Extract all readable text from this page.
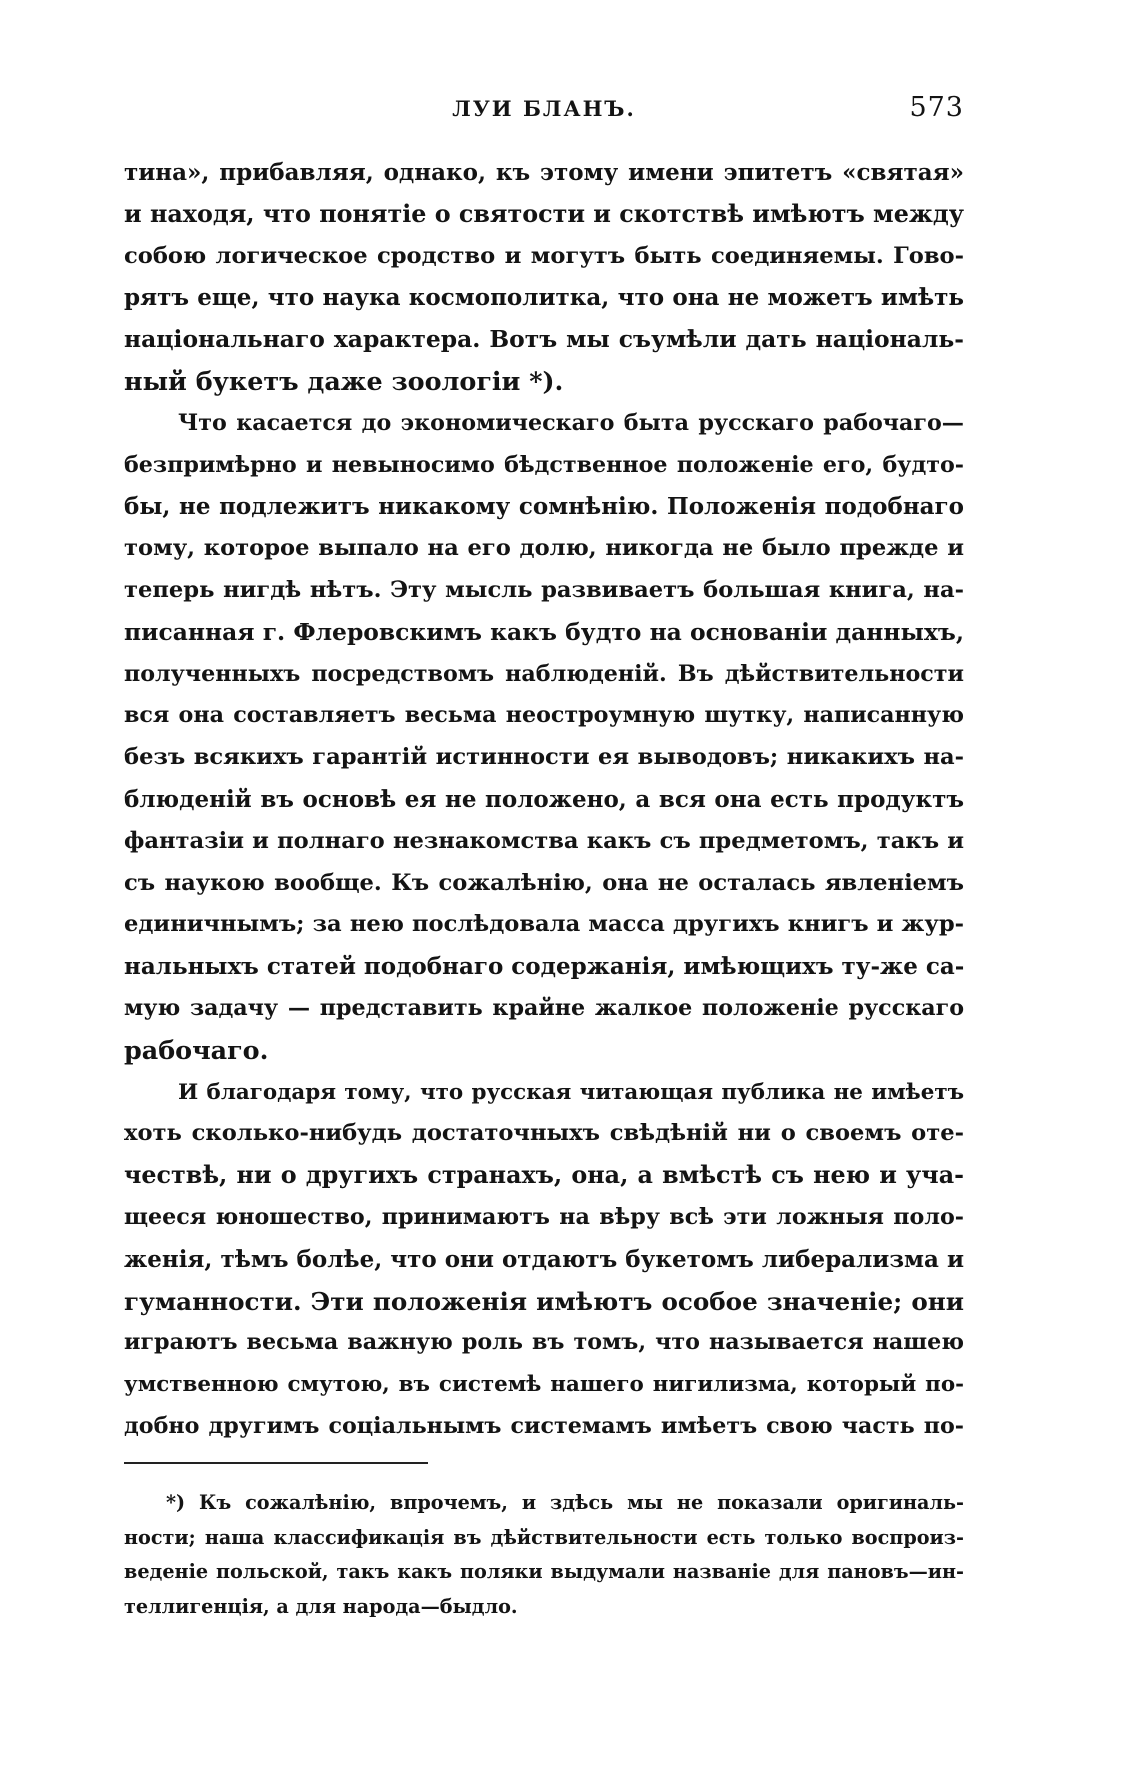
ЛУИ БЛАНЪ.	573
тина», прибавляя, однако, къ этому имени эпитетъ «святая»
и находя, что понятіе о святости и скотствѣ имѣютъ между
собою логическое сродство и могутъ быть соединяемы. Гово-
рятъ еще, что наука космополитка, что она не можетъ имѣть
національнаго характера. Вотъ мы съумѣли дать національ-
ный букетъ даже зоологіи *).
Что касается до экономическаго быта русскаго рабочаго—
безпримѣрно и невыносимо бѣдственное положеніе его, будто-
бы, не подлежитъ никакому сомнѣнію. Положенія подобнаго
тому, которое выпало на его долю, никогда не было прежде и
теперь нигдѣ нѣтъ. Эту мысль развиваетъ большая книга, на-
писанная г. Флеровскимъ какъ будто на основаніи данныхъ,
полученныхъ посредствомъ наблюденій. Въ дѣйствительности
вся она составляетъ весьма неостроумную шутку, написанную
безъ всякихъ гарантій истинности ея выводовъ; никакихъ на-
блюденій въ основѣ ея не положено, а вся она есть продуктъ
фантазіи и полнаго незнакомства какъ съ предметомъ, такъ и
съ наукою вообще. Къ сожалѣнію, она не осталась явленіемъ
единичнымъ; за нею послѣдовала масса другихъ книгъ и жур-
нальныхъ статей подобнаго содержанія, имѣющихъ ту-же са-
мую задачу — представить крайне жалкое положеніе русскаго
рабочаго.
И благодаря тому, что русская читающая публика не имѣетъ
хоть сколько-нибудь достаточныхъ свѣдѣній ни о своемъ оте-
чествѣ, ни о другихъ странахъ, она, а вмѣстѣ съ нею и уча-
щееся юношество, принимаютъ на вѣру всѣ эти ложныя поло-
женія, тѣмъ болѣе, что они отдаютъ букетомъ либерализма и
гуманности. Эти положенія имѣютъ особое значеніе; они
играютъ весьма важную роль въ томъ, что называется нашею
умственною смутою, въ системѣ нашего нигилизма, который по-
добно другимъ соціальнымъ системамъ имѣетъ свою часть по-
*) Къ сожалѣнію, впрочемъ, и здѣсь мы не показали оригиналь-
ности; наша классификація въ дѣйствительности есть только воспроиз-
веденіе польской, такъ какъ поляки выдумали названіе для пановъ—ин-
теллигенція, а для народа—быдло.
